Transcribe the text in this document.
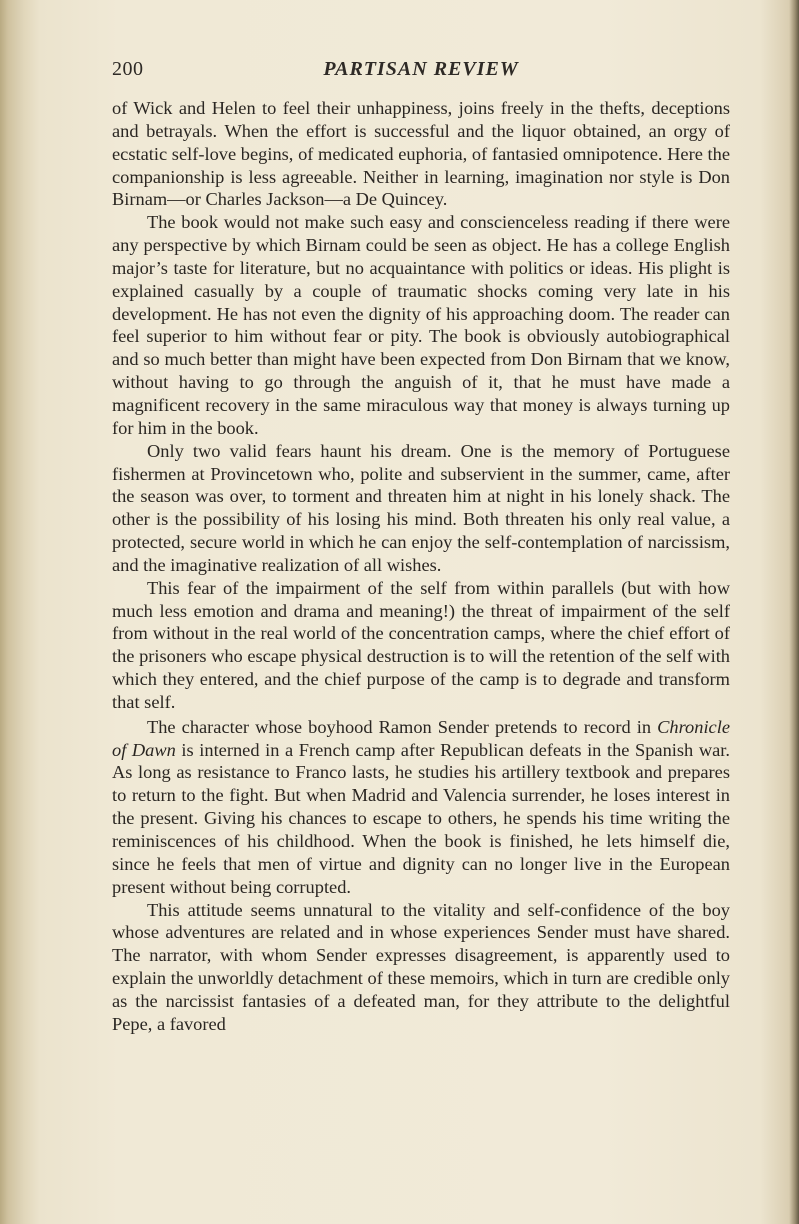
200	PARTISAN REVIEW

of Wick and Helen to feel their unhappiness, joins freely in the thefts, deceptions and betrayals. When the effort is successful and the liquor obtained, an orgy of ecstatic self-love begins, of medicated euphoria, of fantasied omnipotence. Here the companionship is less agreeable. Neither in learning, imagination nor style is Don Birnam—or Charles Jackson—a De Quincey.

The book would not make such easy and conscienceless reading if there were any perspective by which Birnam could be seen as object. He has a college English major’s taste for literature, but no acquaintance with politics or ideas. His plight is explained casually by a couple of traumatic shocks coming very late in his development. He has not even the dignity of his approaching doom. The reader can feel superior to him without fear or pity. The book is obviously autobiographical and so much better than might have been expected from Don Birnam that we know, without having to go through the anguish of it, that he must have made a magnificent recovery in the same miraculous way that money is always turning up for him in the book.

Only two valid fears haunt his dream. One is the memory of Portuguese fishermen at Provincetown who, polite and subservient in the summer, came, after the season was over, to torment and threaten him at night in his lonely shack. The other is the possibility of his losing his mind. Both threaten his only real value, a protected, secure world in which he can enjoy the self-contemplation of narcissism, and the imaginative realization of all wishes.

This fear of the impairment of the self from within parallels (but with how much less emotion and drama and meaning!) the threat of impairment of the self from without in the real world of the concentration camps, where the chief effort of the prisoners who escape physical destruction is to will the retention of the self with which they entered, and the chief purpose of the camp is to degrade and transform that self.

The character whose boyhood Ramon Sender pretends to record in Chronicle of Dawn is interned in a French camp after Republican defeats in the Spanish war. As long as resistance to Franco lasts, he studies his artillery textbook and prepares to return to the fight. But when Madrid and Valencia surrender, he loses interest in the present. Giving his chances to escape to others, he spends his time writing the reminiscences of his childhood. When the book is finished, he lets himself die, since he feels that men of virtue and dignity can no longer live in the European present without being corrupted.

This attitude seems unnatural to the vitality and self-confidence of the boy whose adventures are related and in whose experiences Sender must have shared. The narrator, with whom Sender expresses disagreement, is apparently used to explain the unworldly detachment of these memoirs, which in turn are credible only as the narcissist fantasies of a defeated man, for they attribute to the delightful Pepe, a favored
